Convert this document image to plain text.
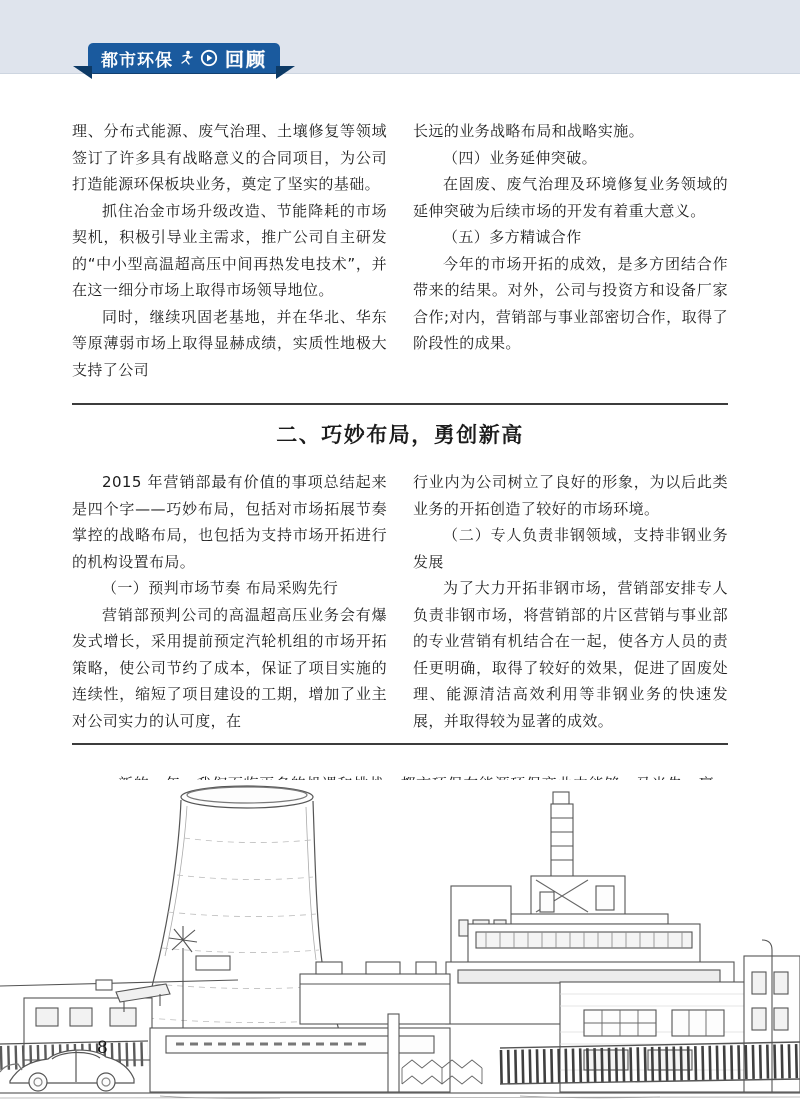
都市环保	回顾

理、分布式能源、废气治理、土壤修复等领域签订了许多具有战略意义的合同项目，为公司打造能源环保板块业务，奠定了坚实的基础。

抓住冶金市场升级改造、节能降耗的市场契机，积极引导业主需求，推广公司自主研发的“中小型高温超高压中间再热发电技术”，并在这一细分市场上取得市场领导地位。

同时，继续巩固老基地，并在华北、华东等原薄弱市场上取得显赫成绩，实质性地极大支持了公司

长远的业务战略布局和战略实施。

（四）业务延伸突破。

在固废、废气治理及环境修复业务领域的延伸突破为后续市场的开发有着重大意义。

（五）多方精诚合作

今年的市场开拓的成效，是多方团结合作带来的结果。对外，公司与投资方和设备厂家合作;对内，营销部与事业部密切合作，取得了阶段性的成果。

二、巧妙布局，勇创新高

2015 年营销部最有价值的事项总结起来是四个字——巧妙布局，包括对市场拓展节奏掌控的战略布局，也包括为支持市场开拓进行的机构设置布局。

（一）预判市场节奏 布局采购先行

营销部预判公司的高温超高压业务会有爆发式增长，采用提前预定汽轮机组的市场开拓策略，使公司节约了成本，保证了项目实施的连续性，缩短了项目建设的工期，增加了业主对公司实力的认可度，在

行业内为公司树立了良好的形象，为以后此类业务的开拓创造了较好的市场环境。

（二）专人负责非钢领域，支持非钢业务发展

为了大力开拓非钢市场，营销部安排专人负责非钢市场，将营销部的片区营销与事业部的专业营销有机结合在一起，使各方人员的责任更明确，取得了较好的效果，促进了固废处理、能源清洁高效利用等非钢业务的快速发展，并取得较为显著的成效。

8
